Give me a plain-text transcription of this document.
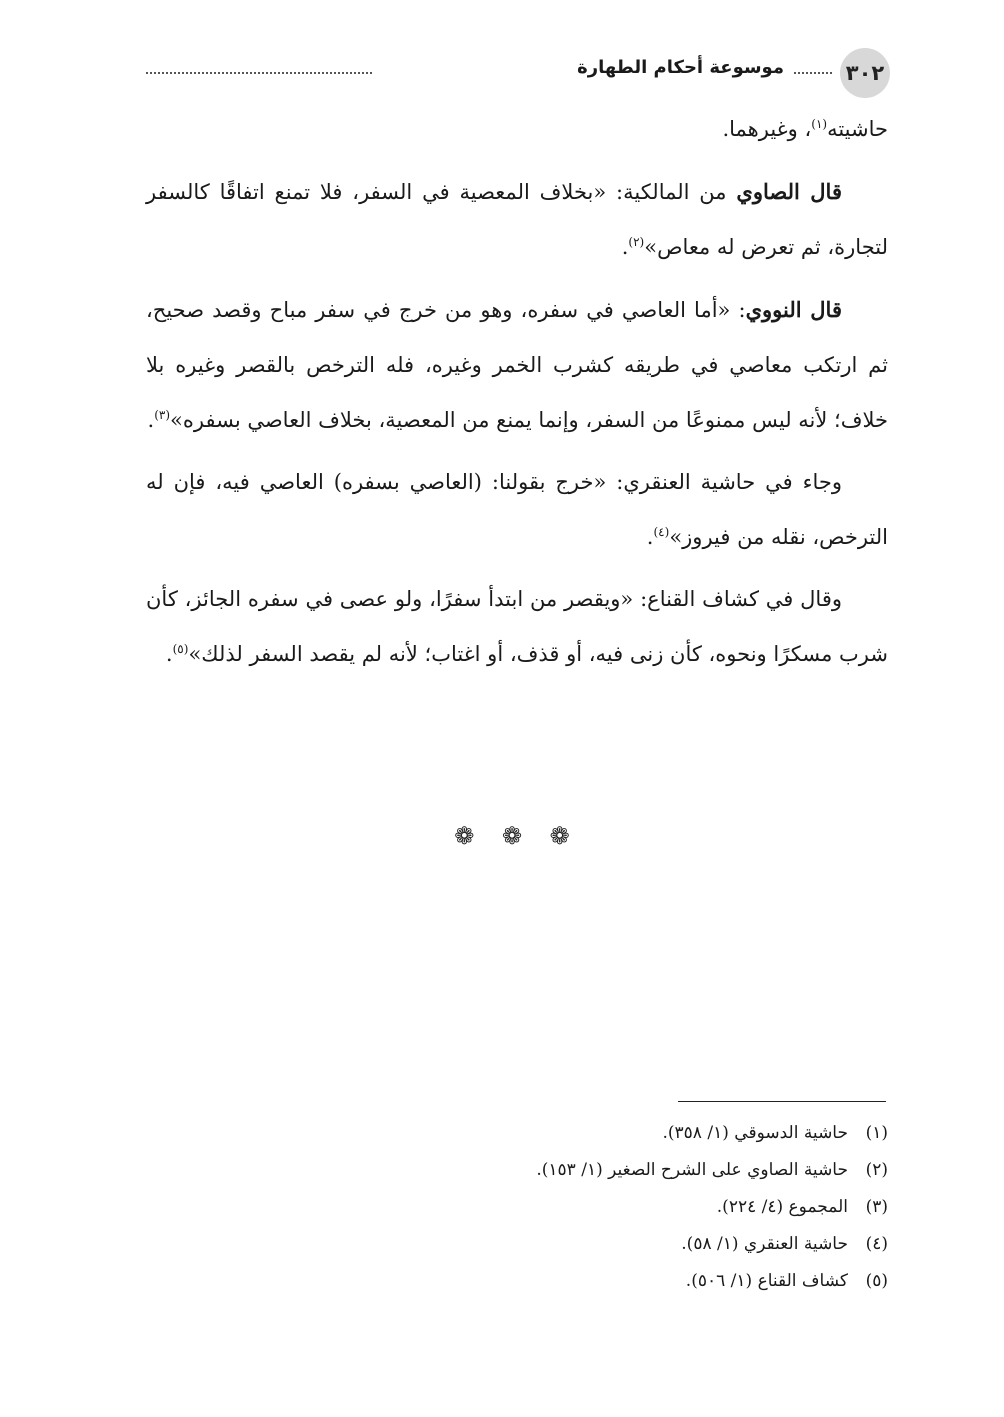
٣٠٢
موسوعة أحكام الطهارة

حاشيته$^{(١)}$، وغيرهما.

قال الصاوي من المالكية: «بخلاف المعصية في السفر، فلا تمنع اتفاقًا كالسفر لتجارة، ثم تعرض له معاص»$^{(٢)}$.

قال النووي: «أما العاصي في سفره، وهو من خرج في سفر مباح وقصد صحيح، ثم ارتكب معاصي في طريقه كشرب الخمر وغيره، فله الترخص بالقصر وغيره بلا خلاف؛ لأنه ليس ممنوعًا من السفر، وإنما يمنع من المعصية، بخلاف العاصي بسفره»$^{(٣)}$.

وجاء في حاشية العنقري: «خرج بقولنا: (العاصي بسفره) العاصي فيه، فإن له الترخص، نقله من فيروز»$^{(٤)}$.

وقال في كشاف القناع: «ويقصر من ابتدأ سفرًا، ولو عصى في سفره الجائز، كأن شرب مسكرًا ونحوه، كأن زنى فيه، أو قذف، أو اغتاب؛ لأنه لم يقصد السفر لذلك»$^{(٥)}$.

❁ ❁ ❁
(١)حاشية الدسوقي (١/ ٣٥٨).
(٢)حاشية الصاوي على الشرح الصغير (١/ ١٥٣).
(٣)المجموع (٤/ ٢٢٤).
(٤)حاشية العنقري (١/ ٥٨).
(٥)كشاف القناع (١/ ٥٠٦).
